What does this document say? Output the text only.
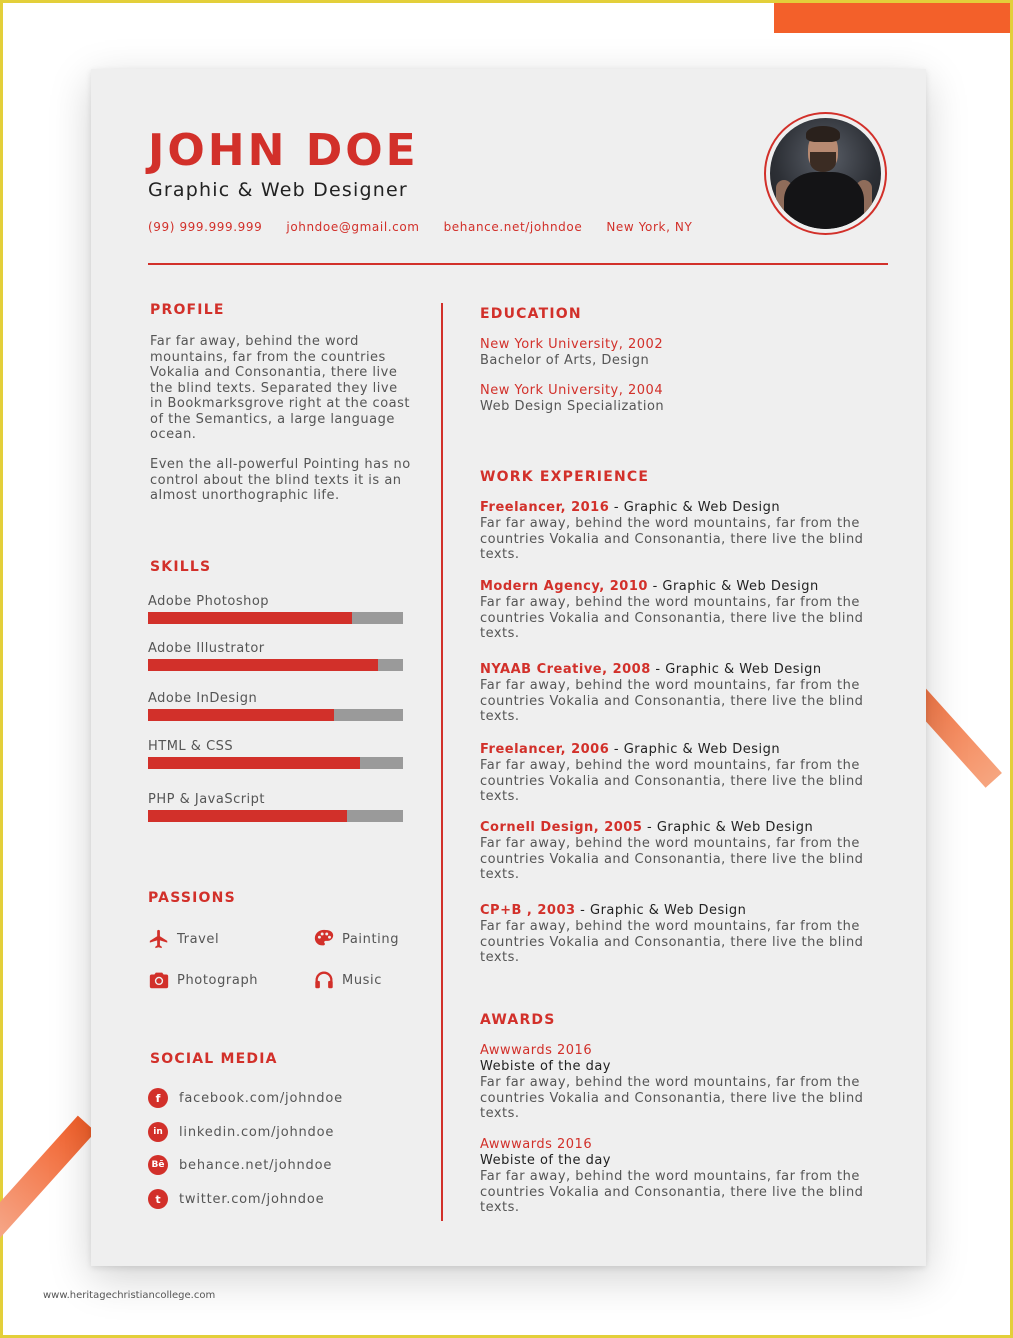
JOHN DOE
Graphic & Web Designer
(99) 999.999.999 johndoe@gmail.com behance.net/johndoe New York, NY
PROFILE
Far far away, behind the word mountains, far from the countries Vokalia and Consonantia, there live the blind texts. Separated they live in Bookmarksgrove right at the coast of the Semantics, a large language ocean.
Even the all-powerful Pointing has no control about the blind texts it is an almost unorthographic life.
SKILLS
Adobe Photoshop
Adobe Illustrator
Adobe InDesign
HTML & CSS
PHP & JavaScript
PASSIONS
Travel	Painting
Photograph	Music
SOCIAL MEDIA
f	facebook.com/johndoe
in	linkedin.com/johndoe
Bē behance.net/johndoe
t	twitter.com/johndoe
EDUCATION
New York University, 2002
Bachelor of Arts, Design
New York University, 2004
Web Design Specialization
WORK EXPERIENCE
Freelancer, 2016 - Graphic & Web Design
Far far away, behind the word mountains, far from the countries Vokalia and Consonantia, there live the blind texts.
Modern Agency, 2010 - Graphic & Web Design
Far far away, behind the word mountains, far from the countries Vokalia and Consonantia, there live the blind texts.
NYAAB Creative, 2008 - Graphic & Web Design
Far far away, behind the word mountains, far from the countries Vokalia and Consonantia, there live the blind texts.
Freelancer, 2006 - Graphic & Web Design
Far far away, behind the word mountains, far from the countries Vokalia and Consonantia, there live the blind texts.
Cornell Design, 2005 - Graphic & Web Design
Far far away, behind the word mountains, far from the countries Vokalia and Consonantia, there live the blind texts.
CP+B , 2003 - Graphic & Web Design
Far far away, behind the word mountains, far from the countries Vokalia and Consonantia, there live the blind texts.
AWARDS
Awwwards 2016
Webiste of the day
Far far away, behind the word mountains, far from the countries Vokalia and Consonantia, there live the blind texts.
Awwwards 2016
Webiste of the day
Far far away, behind the word mountains, far from the countries Vokalia and Consonantia, there live the blind texts.
www.heritagechristiancollege.com
